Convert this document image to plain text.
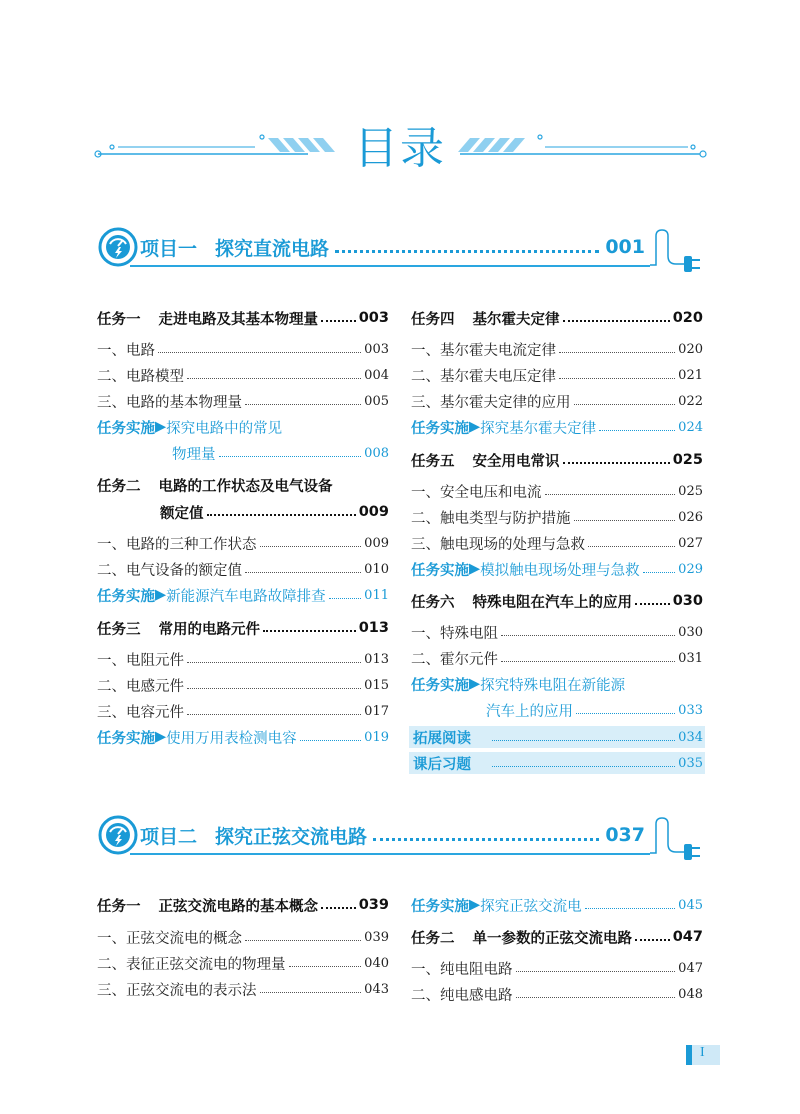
目录
项目一 探究直流电路	001
任务一 走进电路及其基本物理量	003
一、电路	003
二、电路模型	004
三、电路的基本物理量	005
任务实施 ▶ 探究电路中的常见
物理量	008
任务二 电路的工作状态及电气设备
额定值	009
一、电路的三种工作状态	009
二、电气设备的额定值	010
任务实施 ▶ 新能源汽车电路故障排查	011
任务三 常用的电路元件	013
一、电阻元件	013
二、电感元件	015
三、电容元件	017
任务实施 ▶ 使用万用表检测电容	019
任务四 基尔霍夫定律	020
一、基尔霍夫电流定律	020
二、基尔霍夫电压定律	021
三、基尔霍夫定律的应用	022
任务实施 ▶ 探究基尔霍夫定律	024
任务五 安全用电常识	025
一、安全电压和电流	025
二、触电类型与防护措施	026
三、触电现场的处理与急救	027
任务实施 ▶ 模拟触电现场处理与急救	029
任务六 特殊电阻在汽车上的应用	030
一、特殊电阻	030
二、霍尔元件	031
任务实施 ▶ 探究特殊电阻在新能源
汽车上的应用	033
拓展阅读	034
课后习题	035
项目二 探究正弦交流电路	037
任务一 正弦交流电路的基本概念	039
一、正弦交流电的概念	039
二、表征正弦交流电的物理量	040
三、正弦交流电的表示法	043
任务实施 ▶ 探究正弦交流电	045
任务二 单一参数的正弦交流电路	047
一、纯电阻电路	047
二、纯电感电路	048
I
